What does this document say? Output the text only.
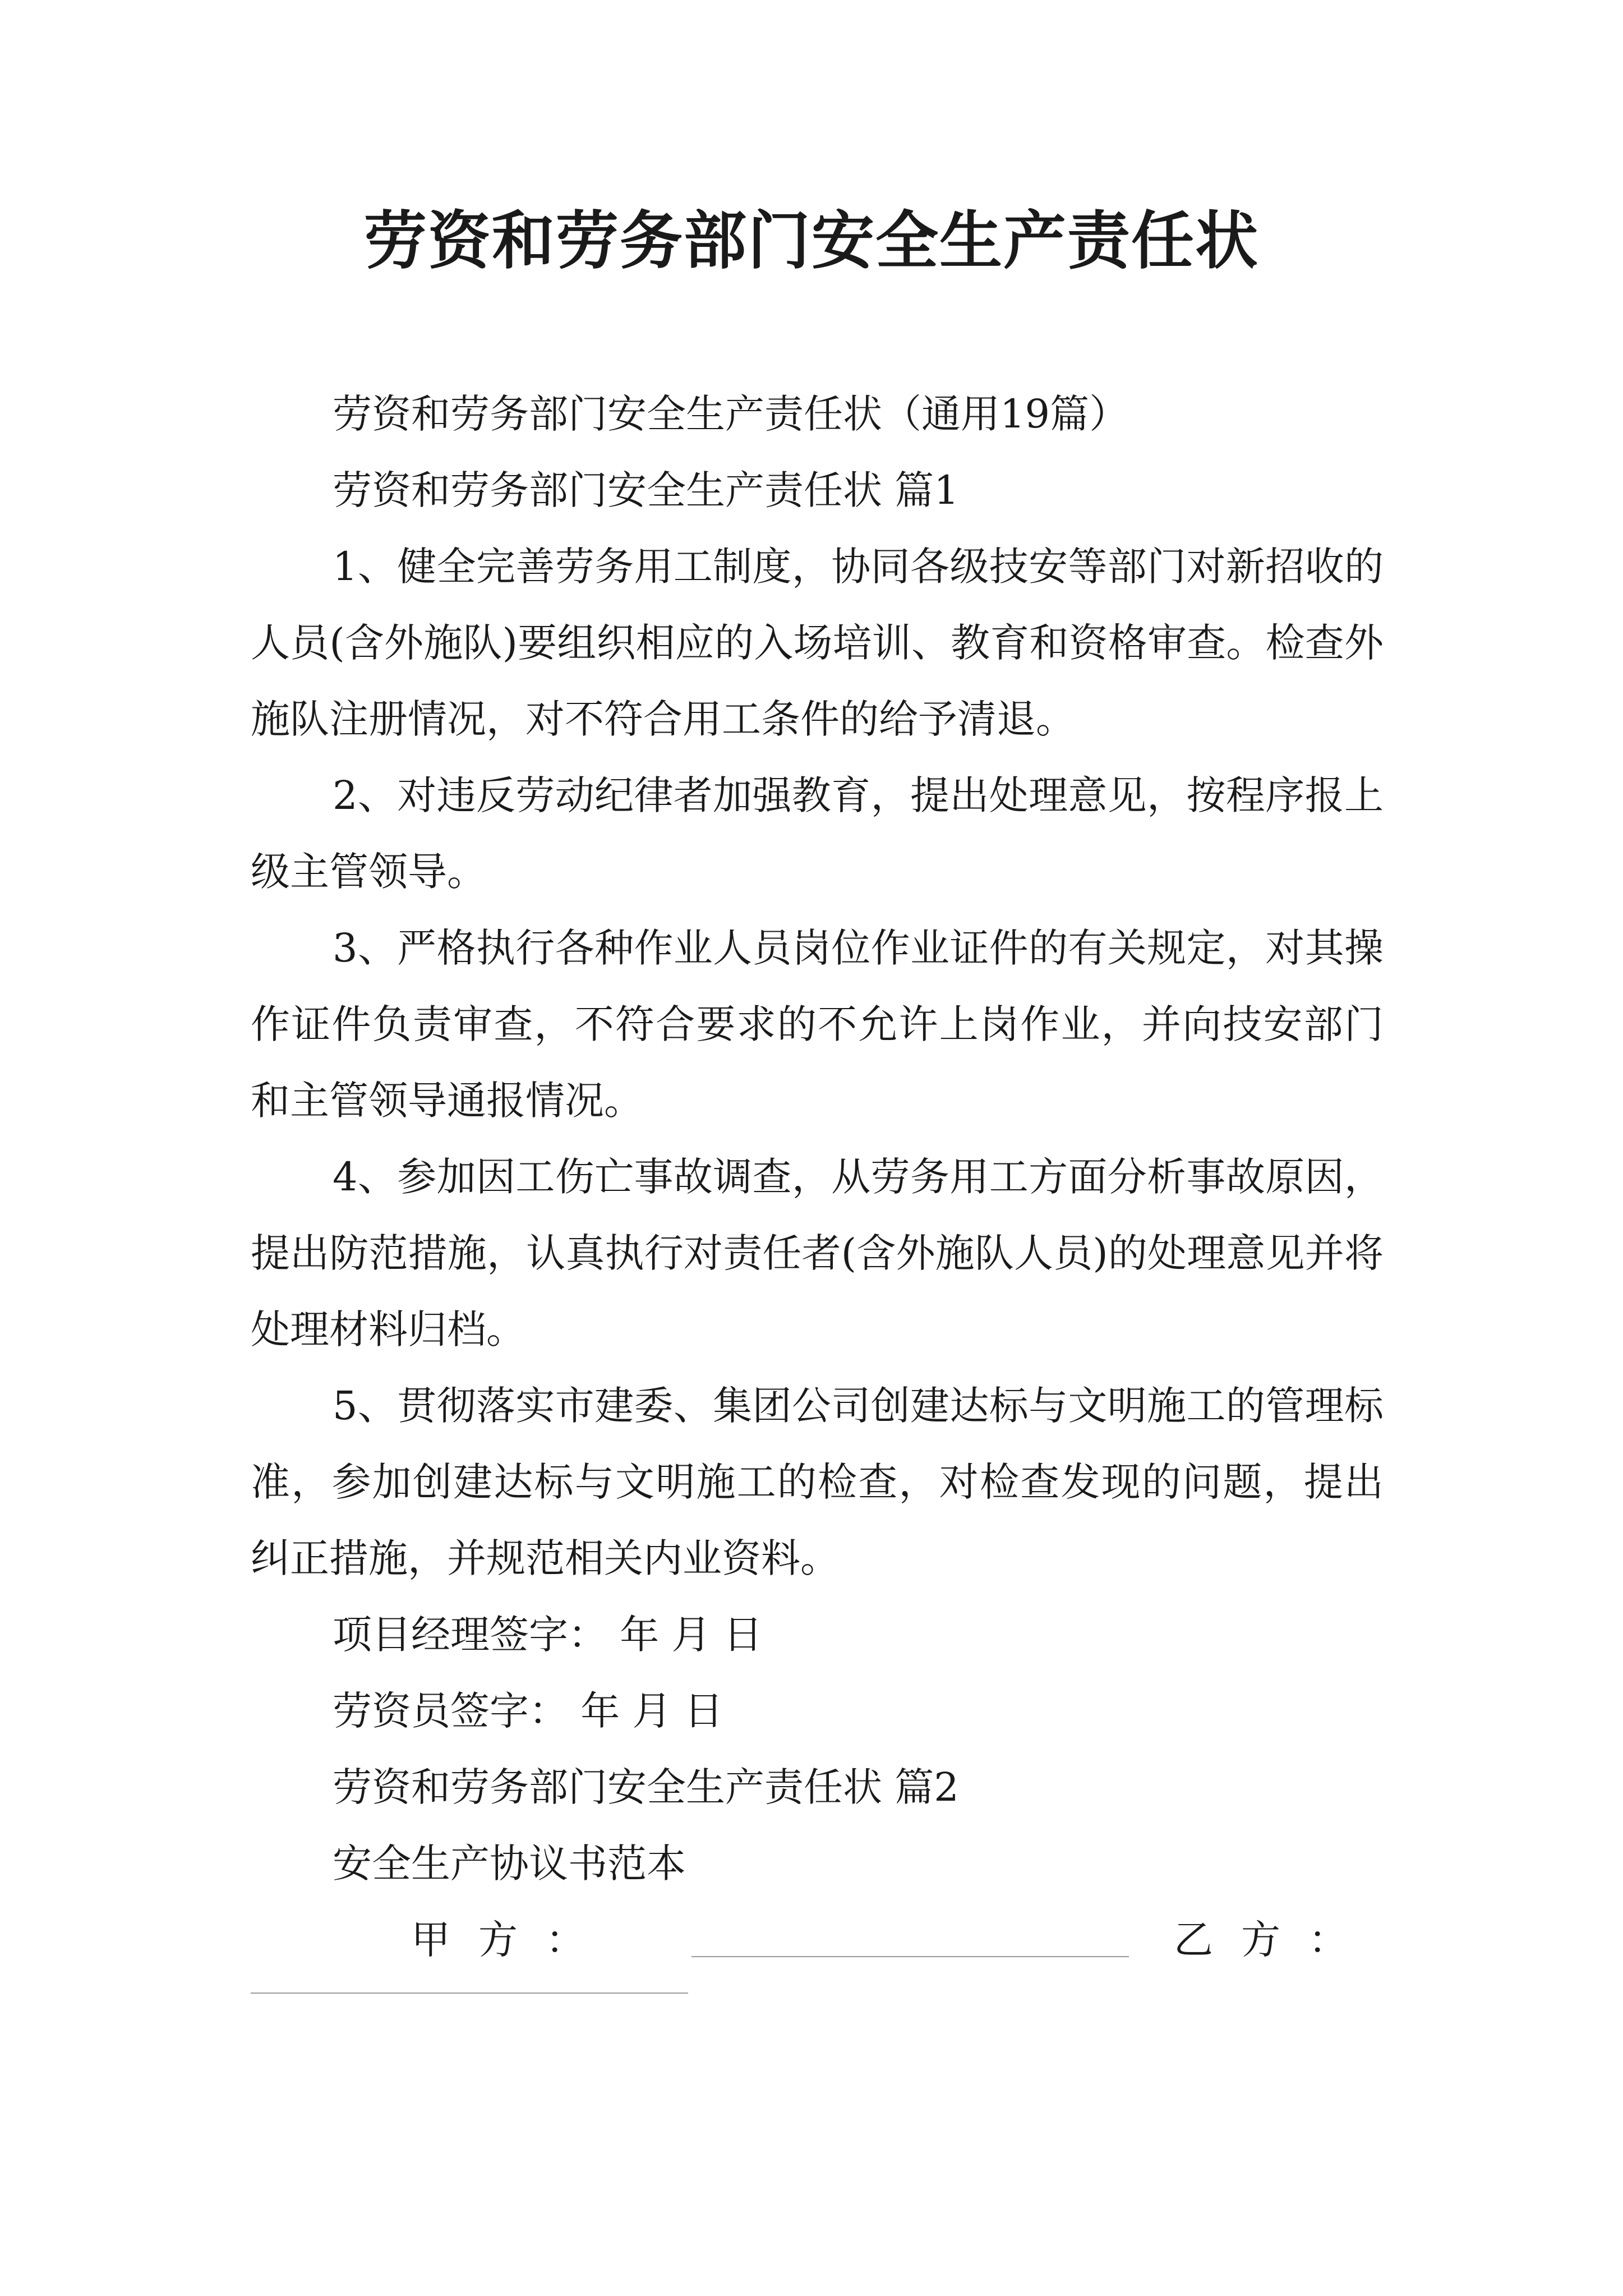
劳资和劳务部门安全生产责任状

劳资和劳务部门安全生产责任状（通用19篇）

劳资和劳务部门安全生产责任状 篇1

1、健全完善劳务用工制度，协同各级技安等部门对新招收的人员(含外施队)要组织相应的入场培训、教育和资格审查。检查外施队注册情况，对不符合用工条件的给予清退。

2、对违反劳动纪律者加强教育，提出处理意见，按程序报上级主管领导。

3、严格执行各种作业人员岗位作业证件的有关规定，对其操作证件负责审查，不符合要求的不允许上岗作业，并向技安部门和主管领导通报情况。

4、参加因工伤亡事故调查，从劳务用工方面分析事故原因，提出防范措施，认真执行对责任者(含外施队人员)的处理意见并将处理材料归档。

5、贯彻落实市建委、集团公司创建达标与文明施工的管理标准，参加创建达标与文明施工的检查，对检查发现的问题，提出纠正措施，并规范相关内业资料。

项目经理签字： 年 月 日

劳资员签字： 年 月 日

劳资和劳务部门安全生产责任状 篇2

安全生产协议书范本

甲方：	乙方：
